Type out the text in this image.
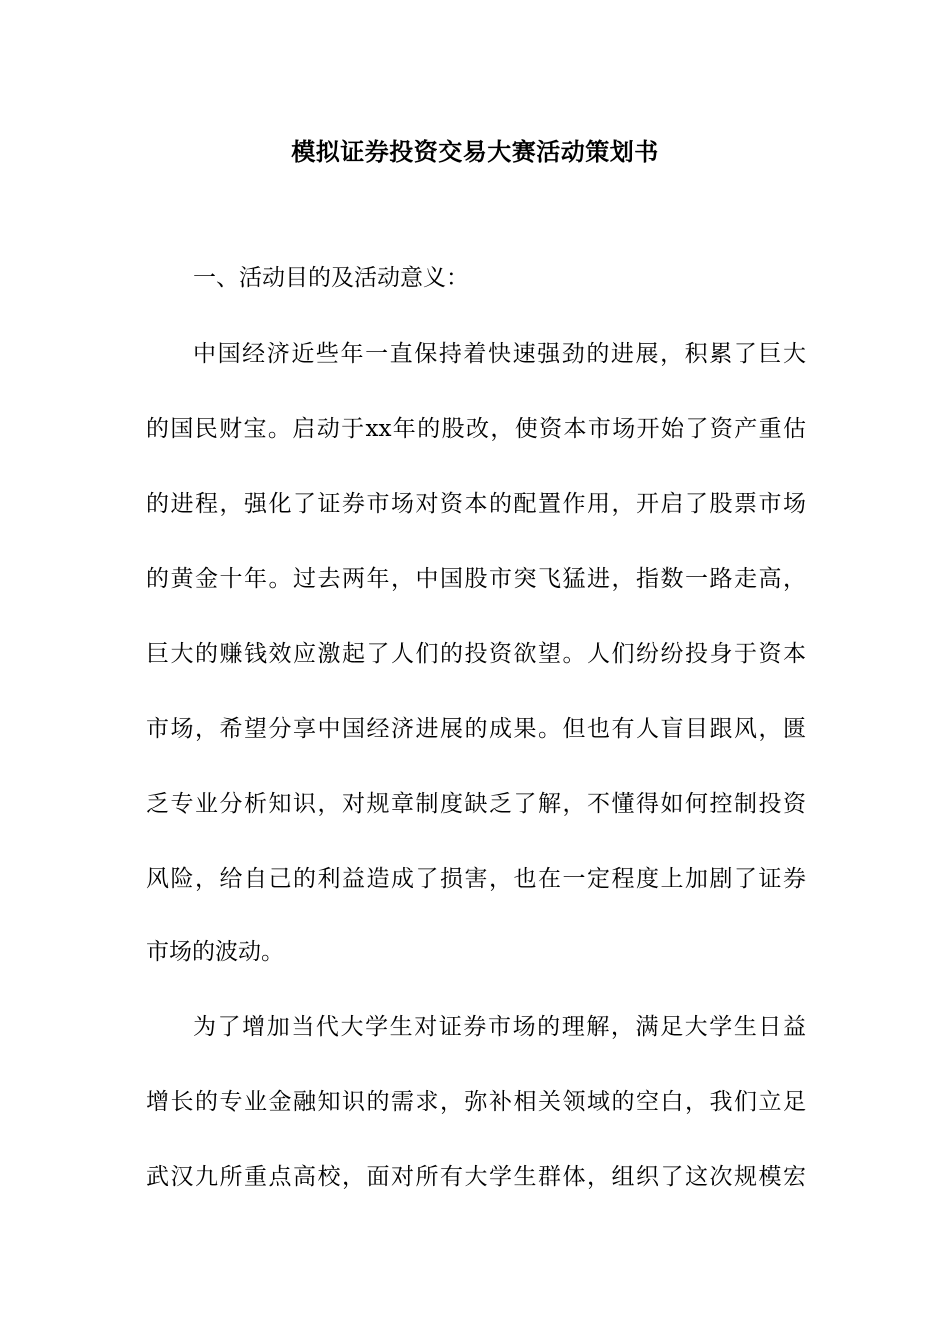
模拟证券投资交易大赛活动策划书
一、活动目的及活动意义：
中国经济近些年一直保持着快速强劲的进展，积累了巨大
的国民财宝。启动于xx年的股改，使资本市场开始了资产重估
的进程，强化了证券市场对资本的配置作用，开启了股票市场
的黄金十年。过去两年，中国股市突飞猛进，指数一路走高，
巨大的赚钱效应激起了人们的投资欲望。人们纷纷投身于资本
市场，希望分享中国经济进展的成果。但也有人盲目跟风，匮
乏专业分析知识，对规章制度缺乏了解，不懂得如何控制投资
风险，给自己的利益造成了损害，也在一定程度上加剧了证券
市场的波动。
为了增加当代大学生对证券市场的理解，满足大学生日益
增长的专业金融知识的需求，弥补相关领域的空白，我们立足
武汉九所重点高校，面对所有大学生群体，组织了这次规模宏
